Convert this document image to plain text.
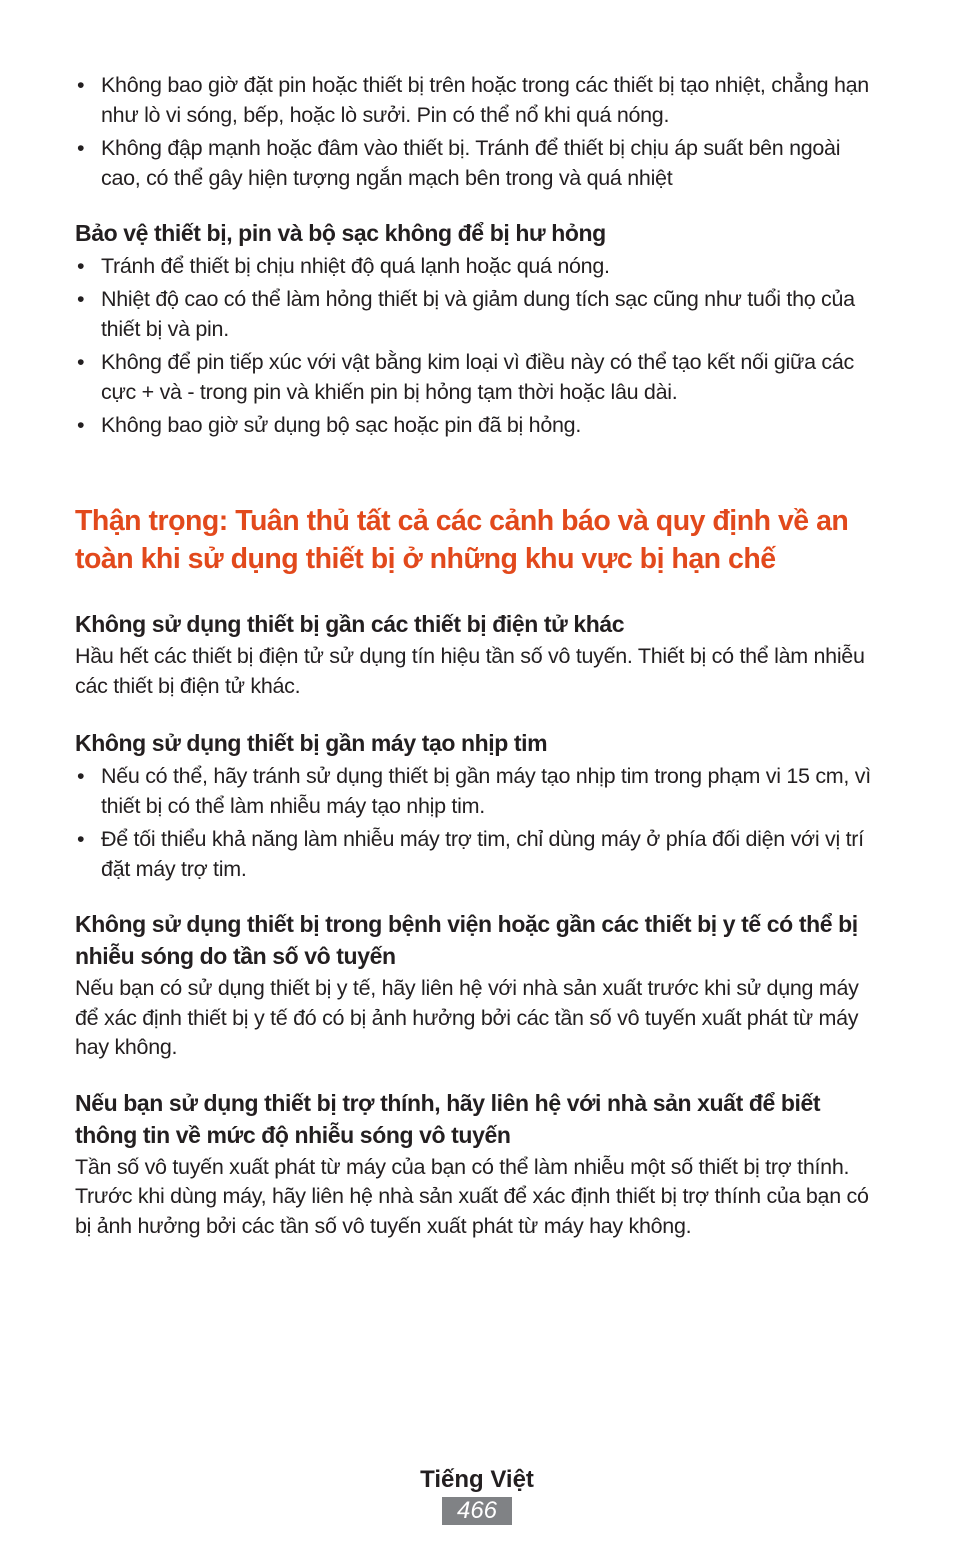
• Không bao giờ đặt pin hoặc thiết bị trên hoặc trong các thiết bị tạo nhiệt, chẳng hạn như lò vi sóng, bếp, hoặc lò sưởi. Pin có thể nổ khi quá nóng.
• Không đập mạnh hoặc đâm vào thiết bị. Tránh để thiết bị chịu áp suất bên ngoài cao, có thể gây hiện tượng ngắn mạch bên trong và quá nhiệt
Bảo vệ thiết bị, pin và bộ sạc không để bị hư hỏng
• Tránh để thiết bị chịu nhiệt độ quá lạnh hoặc quá nóng.
• Nhiệt độ cao có thể làm hỏng thiết bị và giảm dung tích sạc cũng như tuổi thọ của thiết bị và pin.
• Không để pin tiếp xúc với vật bằng kim loại vì điều này có thể tạo kết nối giữa các cực + và - trong pin và khiến pin bị hỏng tạm thời hoặc lâu dài.
• Không bao giờ sử dụng bộ sạc hoặc pin đã bị hỏng.
Thận trọng: Tuân thủ tất cả các cảnh báo và quy định về an toàn khi sử dụng thiết bị ở những khu vực bị hạn chế
Không sử dụng thiết bị gần các thiết bị điện tử khác

Hầu hết các thiết bị điện tử sử dụng tín hiệu tần số vô tuyến. Thiết bị có thể làm nhiễu các thiết bị điện tử khác.

Không sử dụng thiết bị gần máy tạo nhịp tim
• Nếu có thể, hãy tránh sử dụng thiết bị gần máy tạo nhịp tim trong phạm vi 15 cm, vì thiết bị có thể làm nhiễu máy tạo nhịp tim.
• Để tối thiểu khả năng làm nhiễu máy trợ tim, chỉ dùng máy ở phía đối diện với vị trí đặt máy trợ tim.
Không sử dụng thiết bị trong bệnh viện hoặc gần các thiết bị y tế có thể bị nhiễu sóng do tần số vô tuyến

Nếu bạn có sử dụng thiết bị y tế, hãy liên hệ với nhà sản xuất trước khi sử dụng máy để xác định thiết bị y tế đó có bị ảnh hưởng bởi các tần số vô tuyến xuất phát từ máy hay không.

Nếu bạn sử dụng thiết bị trợ thính, hãy liên hệ với nhà sản xuất để biết thông tin về mức độ nhiễu sóng vô tuyến

Tần số vô tuyến xuất phát từ máy của bạn có thể làm nhiễu một số thiết bị trợ thính. Trước khi dùng máy, hãy liên hệ nhà sản xuất để xác định thiết bị trợ thính của bạn có bị ảnh hưởng bởi các tần số vô tuyến xuất phát từ máy hay không.

Tiếng Việt
466
